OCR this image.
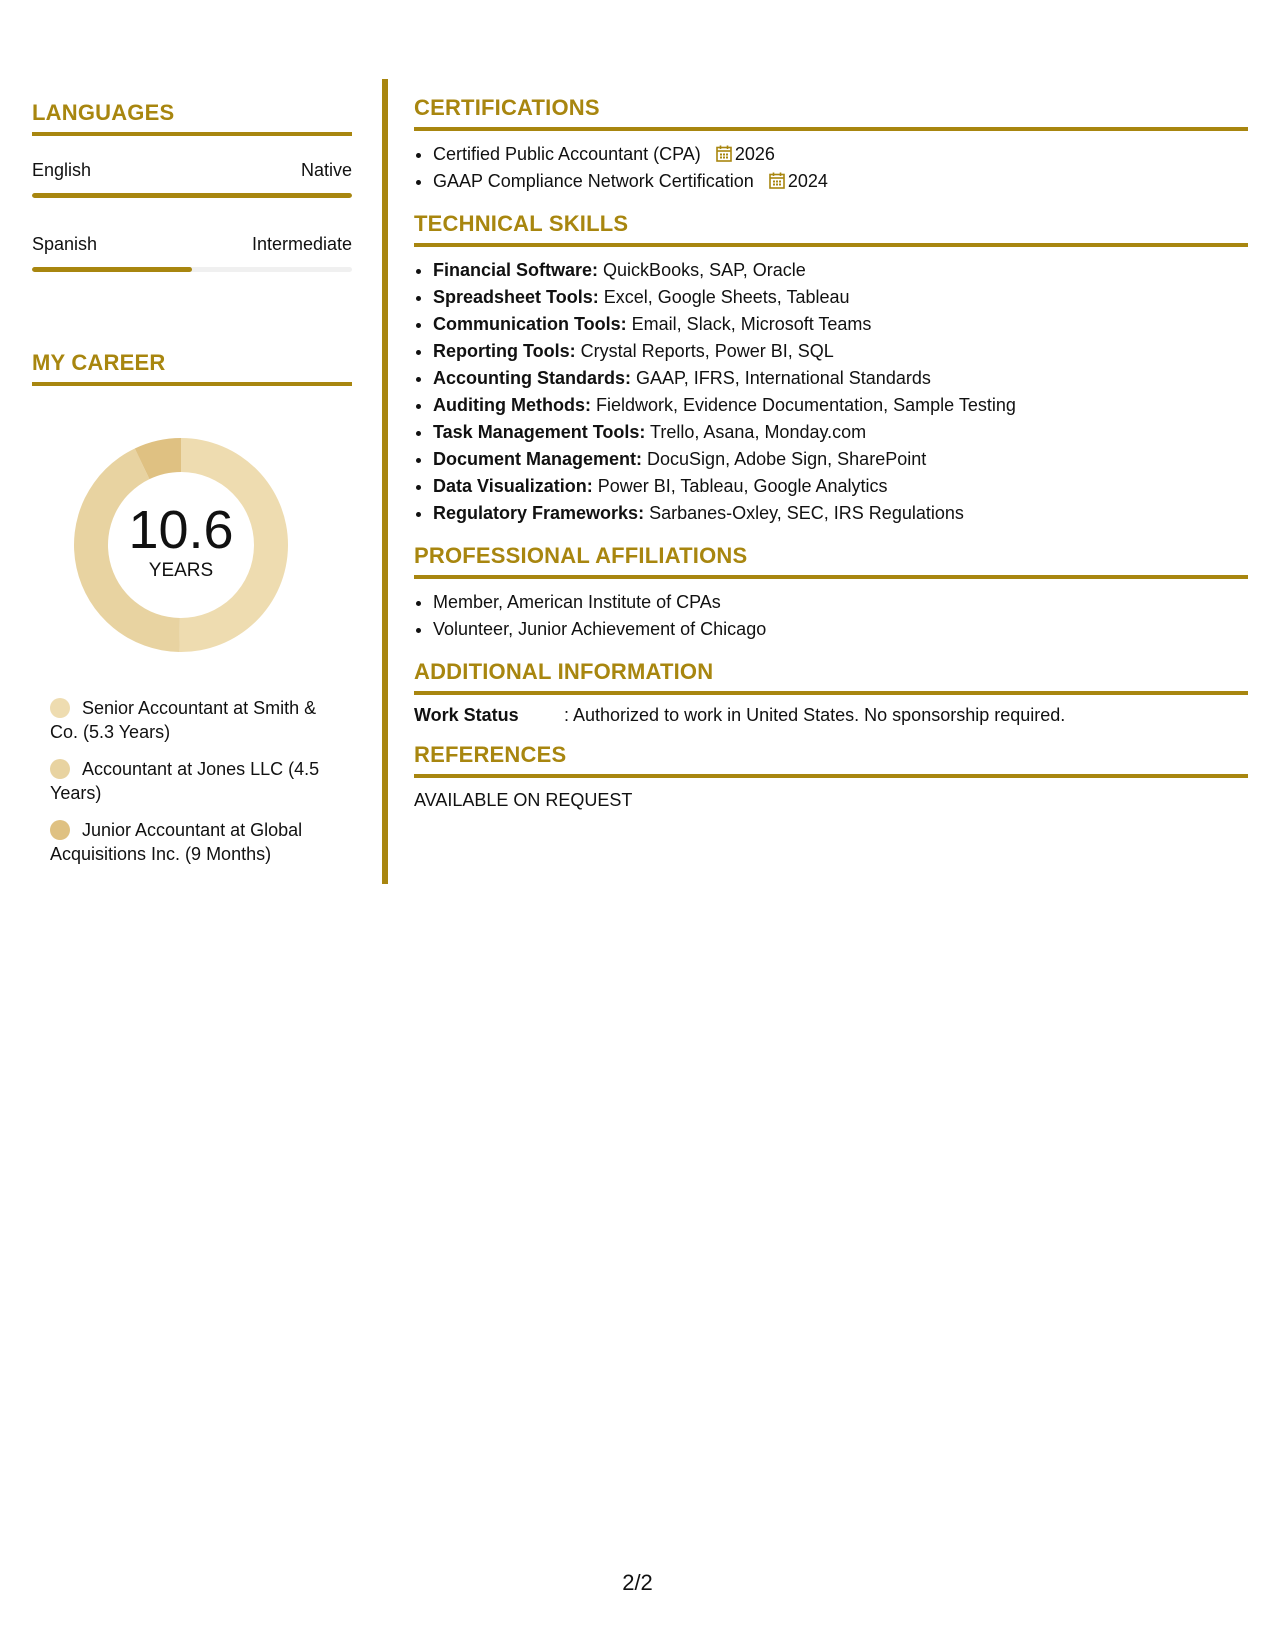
LANGUAGES
English	Native
Spanish	Intermediate
MY CAREER
10.6
YEARS
Senior Accountant at Smith & Co. (5.3 Years)
Accountant at Jones LLC (4.5 Years)
Junior Accountant at Global Acquisitions Inc. (9 Months)
CERTIFICATIONS
• Certified Public Accountant (CPA) 2026
• GAAP Compliance Network Certification 2024
TECHNICAL SKILLS
• Financial Software: QuickBooks, SAP, Oracle
• Spreadsheet Tools: Excel, Google Sheets, Tableau
• Communication Tools: Email, Slack, Microsoft Teams
• Reporting Tools: Crystal Reports, Power BI, SQL
• Accounting Standards: GAAP, IFRS, International Standards
• Auditing Methods: Fieldwork, Evidence Documentation, Sample Testing
• Task Management Tools: Trello, Asana, Monday.com
• Document Management: DocuSign, Adobe Sign, SharePoint
• Data Visualization: Power BI, Tableau, Google Analytics
• Regulatory Frameworks: Sarbanes-Oxley, SEC, IRS Regulations
PROFESSIONAL AFFILIATIONS
• Member, American Institute of CPAs
• Volunteer, Junior Achievement of Chicago
ADDITIONAL INFORMATION
Work Status	: Authorized to work in United States. No sponsorship required.
REFERENCES
AVAILABLE ON REQUEST
2/2
